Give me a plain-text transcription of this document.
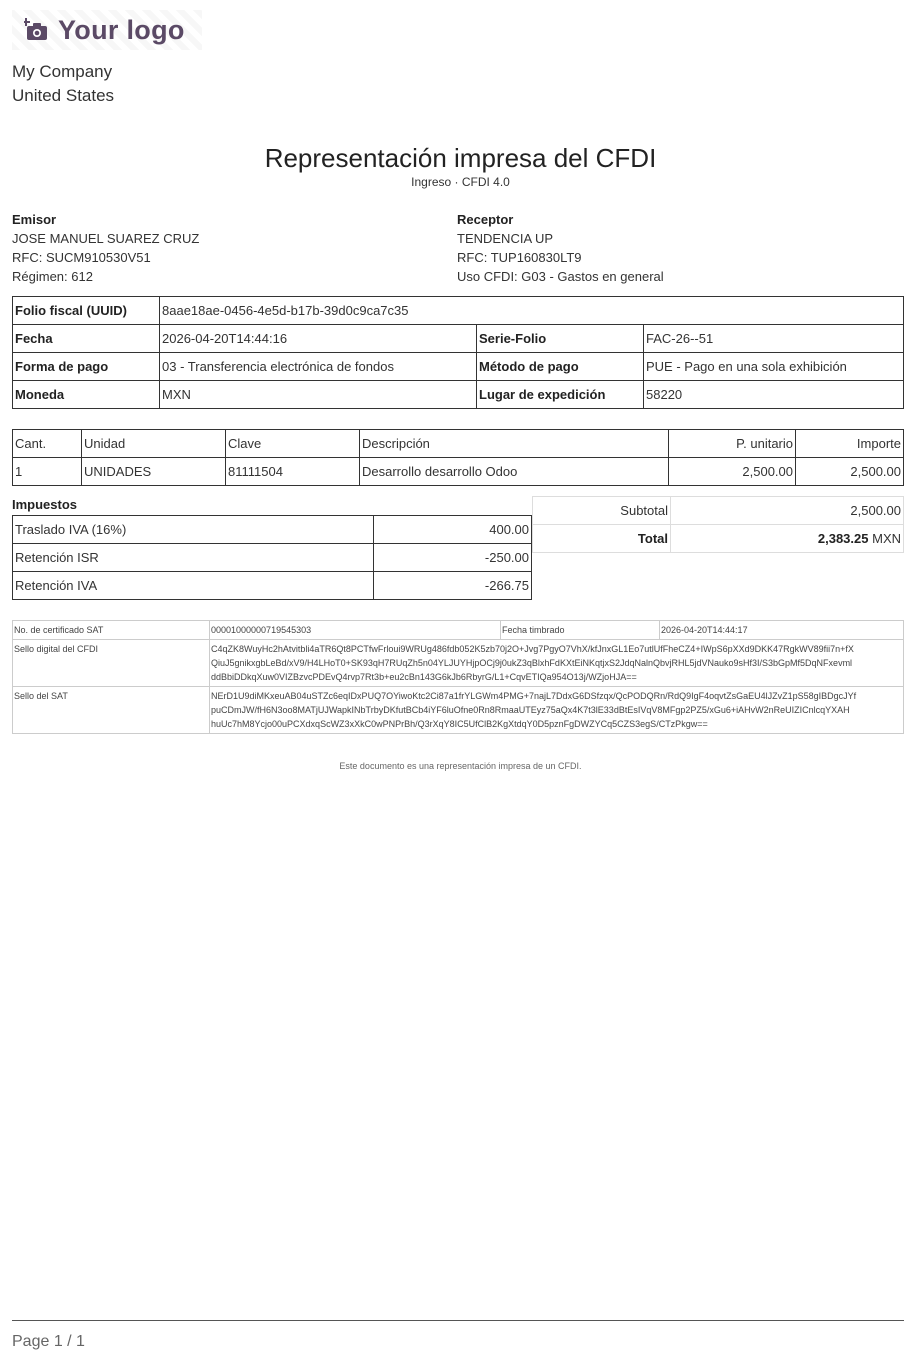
Your logo
My Company
United States
Representación impresa del CFDI
Ingreso · CFDI 4.0
Emisor
JOSE MANUEL SUAREZ CRUZ
RFC: SUCM910530V51
Régimen: 612
Receptor
TENDENCIA UP
RFC: TUP160830LT9
Uso CFDI: G03 - Gastos en general
Folio fiscal (UUID)	8aae18ae-0456-4e5d-b17b-39d0c9ca7c35		
Fecha	2026-04-20T14:44:16	Serie-Folio	FAC-26--51
Forma de pago	03 - Transferencia electrónica de fondos	Método de pago	PUE - Pago en una sola exhibición
Moneda	MXN	Lugar de expedición	58220
Cant.	Unidad	Clave	Descripción	P. unitario	Importe
1	UNIDADES	81111504	Desarrollo desarrollo Odoo	2,500.00	2,500.00
Impuestos
Traslado IVA (16%)	400.00
Retención ISR	-250.00
Retención IVA	-266.75
Subtotal	2,500.00
Total	2,383.25 MXN
No. de certificado SAT	00001000000719545303	Fecha timbrado	2026-04-20T14:44:17
Sello digital del CFDI	C4qZK8WuyHc2hAtvitbli4aTR6Qt8PCTfwFrloui9WRUg486fdb052K5zb70j2O+Jvg7PgyO7VhX/kfJnxGL1Eo7utlUfFheCZ4+IWpS6pXXd9DKK47RgkWV89fii7n+fX
QiuJ5gnikxgbLeBd/xV9/H4LHoT0+SK93qH7RUqZh5n04YLJUYHjpOCj9j0ukZ3qBlxhFdKXtEiNKqtjxS2JdqNalnQbvjRHL5jdVNauko9sHf3I/S3bGpMf5DqNFxevml
ddBbiDDkqXuw0VIZBzvcPDEvQ4rvp7Rt3b+eu2cBn143G6kJb6RbyrG/L1+CqvETIQa954O13j/WZjoHJA==		

Sello del SAT	NErD1U9diMKxeuAB04uSTZc6eqIDxPUQ7OYiwoKtc2Ci87a1frYLGWm4PMG+7najL7DdxG6DSfzqx/QcPODQRn/RdQ9IgF4oqvtZsGaEU4lJZvZ1pS58gIBDgcJYf
puCDmJW/fH6N3oo8MATjUJWapkINbTrbyDKfutBCb4iYF6luOfne0Rn8RmaaUTEyz75aQx4K7t3lE33dBtEsIVqV8MFgp2PZ5/xGu6+iAHvW2nReUIZICnlcqYXAH
huUc7hM8Ycjo00uPCXdxqScWZ3xXkC0wPNPrBh/Q3rXqY8IC5UfClB2KgXtdqY0D5pznFgDWZYCq5CZS3egS/CTzPkgw==		
Este documento es una representación impresa de un CFDI.
Page 1 / 1
